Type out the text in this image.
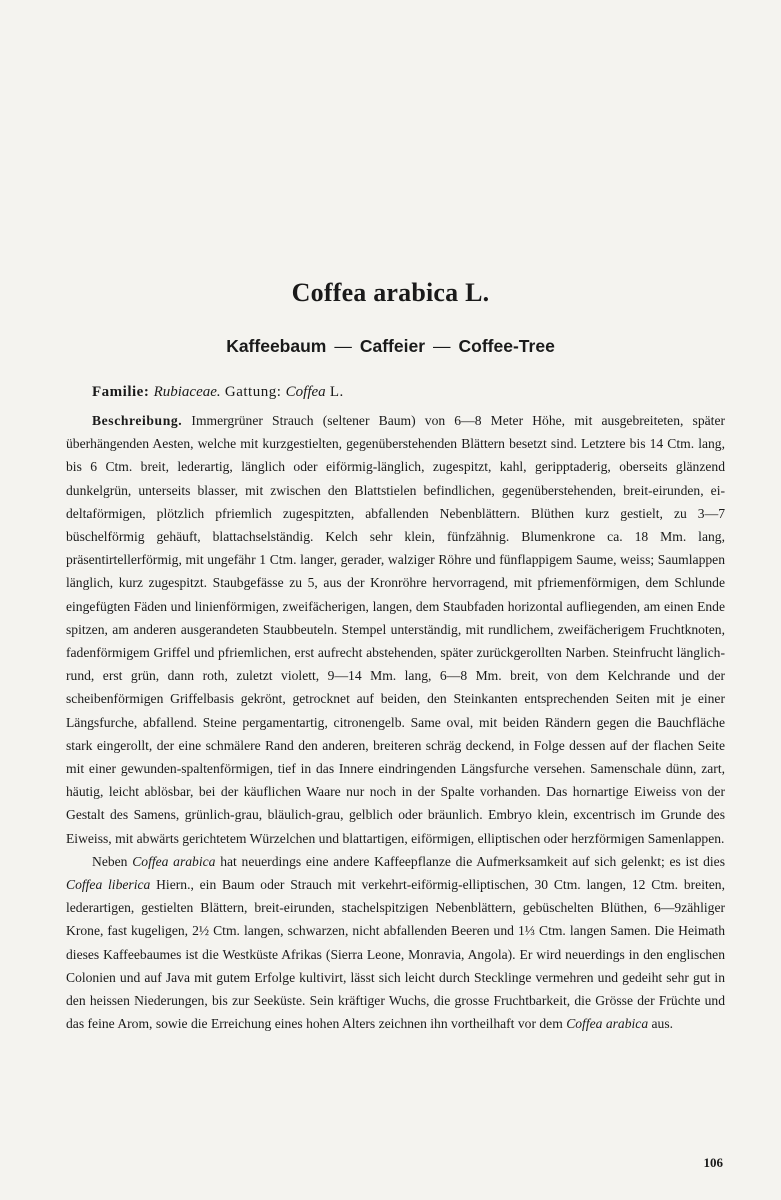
Coffea arabica L.
Kaffeebaum — Caffeier — Coffee-Tree
Familie: Rubiaceae. Gattung: Coffea L.

Beschreibung. Immergrüner Strauch (seltener Baum) von 6—8 Meter Höhe, mit ausgebreiteten, später überhängenden Aesten, welche mit kurzgestielten, gegenüberstehenden Blättern besetzt sind. Letztere bis 14 Ctm. lang, bis 6 Ctm. breit, lederartig, länglich oder eiförmig-länglich, zugespitzt, kahl, geripptaderig, oberseits glänzend dunkelgrün, unterseits blasser, mit zwischen den Blattstielen befindlichen, gegenüberstehenden, breit-eirunden, ei-deltaförmigen, plötzlich pfriemlich zugespitzten, abfallenden Nebenblättern. Blüthen kurz gestielt, zu 3—7 büschelförmig gehäuft, blattachselständig. Kelch sehr klein, fünfzähnig. Blumenkrone ca. 18 Mm. lang, präsentirtellerförmig, mit ungefähr 1 Ctm. langer, gerader, walziger Röhre und fünflappigem Saume, weiss; Saumlappen länglich, kurz zugespitzt. Staubgefässe zu 5, aus der Kronröhre hervorragend, mit pfriemenförmigen, dem Schlunde eingefügten Fäden und linienförmigen, zweifächerigen, langen, dem Staubfaden horizontal aufliegenden, am einen Ende spitzen, am anderen ausgerandeten Staubbeuteln. Stempel unterständig, mit rundlichem, zweifächerigem Fruchtknoten, fadenförmigem Griffel und pfriemlichen, erst aufrecht abstehenden, später zurückgerollten Narben. Steinfrucht länglich-rund, erst grün, dann roth, zuletzt violett, 9—14 Mm. lang, 6—8 Mm. breit, von dem Kelchrande und der scheibenförmigen Griffelbasis gekrönt, getrocknet auf beiden, den Steinkanten entsprechenden Seiten mit je einer Längsfurche, abfallend. Steine pergamentartig, citronengelb. Same oval, mit beiden Rändern gegen die Bauchfläche stark eingerollt, der eine schmälere Rand den anderen, breiteren schräg deckend, in Folge dessen auf der flachen Seite mit einer gewunden-spaltenförmigen, tief in das Innere eindringenden Längsfurche versehen. Samenschale dünn, zart, häutig, leicht ablösbar, bei der käuflichen Waare nur noch in der Spalte vorhanden. Das hornartige Eiweiss von der Gestalt des Samens, grünlich-grau, bläulich-grau, gelblich oder bräunlich. Embryo klein, excentrisch im Grunde des Eiweiss, mit abwärts gerichtetem Würzelchen und blattartigen, eiförmigen, elliptischen oder herzförmigen Samenlappen.

Neben Coffea arabica hat neuerdings eine andere Kaffeepflanze die Aufmerksamkeit auf sich gelenkt; es ist dies Coffea liberica Hiern., ein Baum oder Strauch mit verkehrt-eiförmig-elliptischen, 30 Ctm. langen, 12 Ctm. breiten, lederartigen, gestielten Blättern, breit-eirunden, stachelspitzigen Nebenblättern, gebüschelten Blüthen, 6—9zähliger Krone, fast kugeligen, 2½ Ctm. langen, schwarzen, nicht abfallenden Beeren und 1⅓ Ctm. langen Samen. Die Heimath dieses Kaffeebaumes ist die Westküste Afrikas (Sierra Leone, Monravia, Angola). Er wird neuerdings in den englischen Colonien und auf Java mit gutem Erfolge kultivirt, lässt sich leicht durch Stecklinge vermehren und gedeiht sehr gut in den heissen Niederungen, bis zur Seeküste. Sein kräftiger Wuchs, die grosse Fruchtbarkeit, die Grösse der Früchte und das feine Arom, sowie die Erreichung eines hohen Alters zeichnen ihn vortheilhaft vor dem Coffea arabica aus.

106
